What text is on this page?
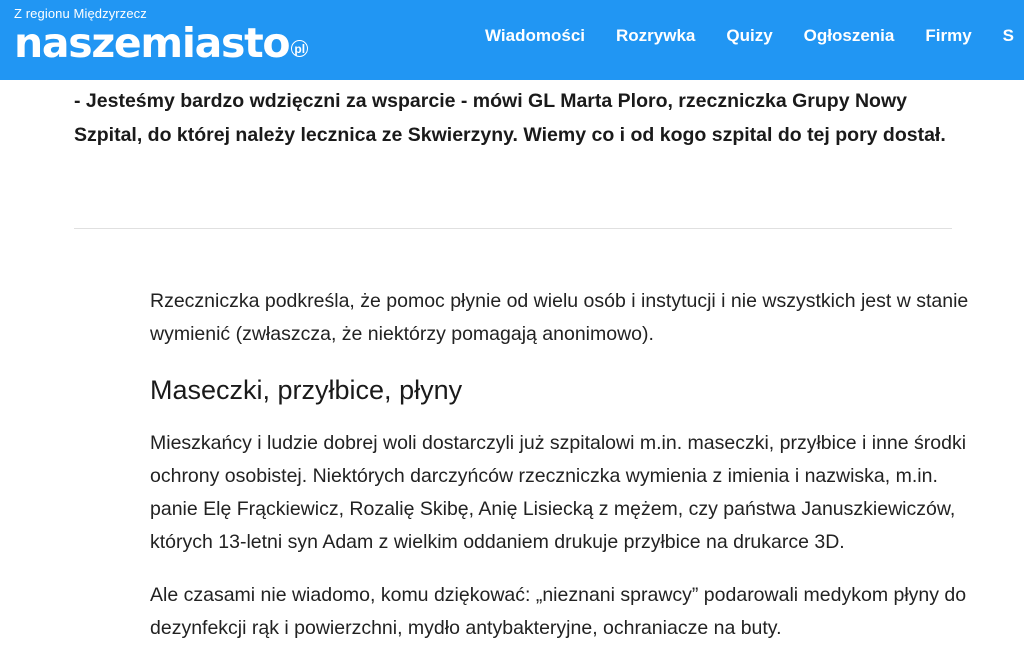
Z regionu Międzyrzecz
naszemiasto pl
Wiadomości Rozrywka Quizy Ogłoszenia Firmy S

- Jesteśmy bardzo wdzięczni za wsparcie - mówi GL Marta Ploro, rzeczniczka Grupy Nowy Szpital, do której należy lecznica ze Skwierzyny. Wiemy co i od kogo szpital do tej pory dostał.

Rzeczniczka podkreśla, że pomoc płynie od wielu osób i instytucji i nie wszystkich jest w stanie wymienić (zwłaszcza, że niektórzy pomagają anonimowo).

Maseczki, przyłbice, płyny

Mieszkańcy i ludzie dobrej woli dostarczyli już szpitalowi m.in. maseczki, przyłbice i inne środki ochrony osobistej. Niektórych darczyńców rzeczniczka wymienia z imienia i nazwiska, m.in. panie Elę Frąckiewicz, Rozalię Skibę, Anię Lisiecką z mężem, czy państwa Januszkiewiczów, których 13-letni syn Adam z wielkim oddaniem drukuje przyłbice na drukarce 3D.

Ale czasami nie wiadomo, komu dziękować: „nieznani sprawcy” podarowali medykom płyny do dezynfekcji rąk i powierzchni, mydło antybakteryjne, ochraniacze na buty.
